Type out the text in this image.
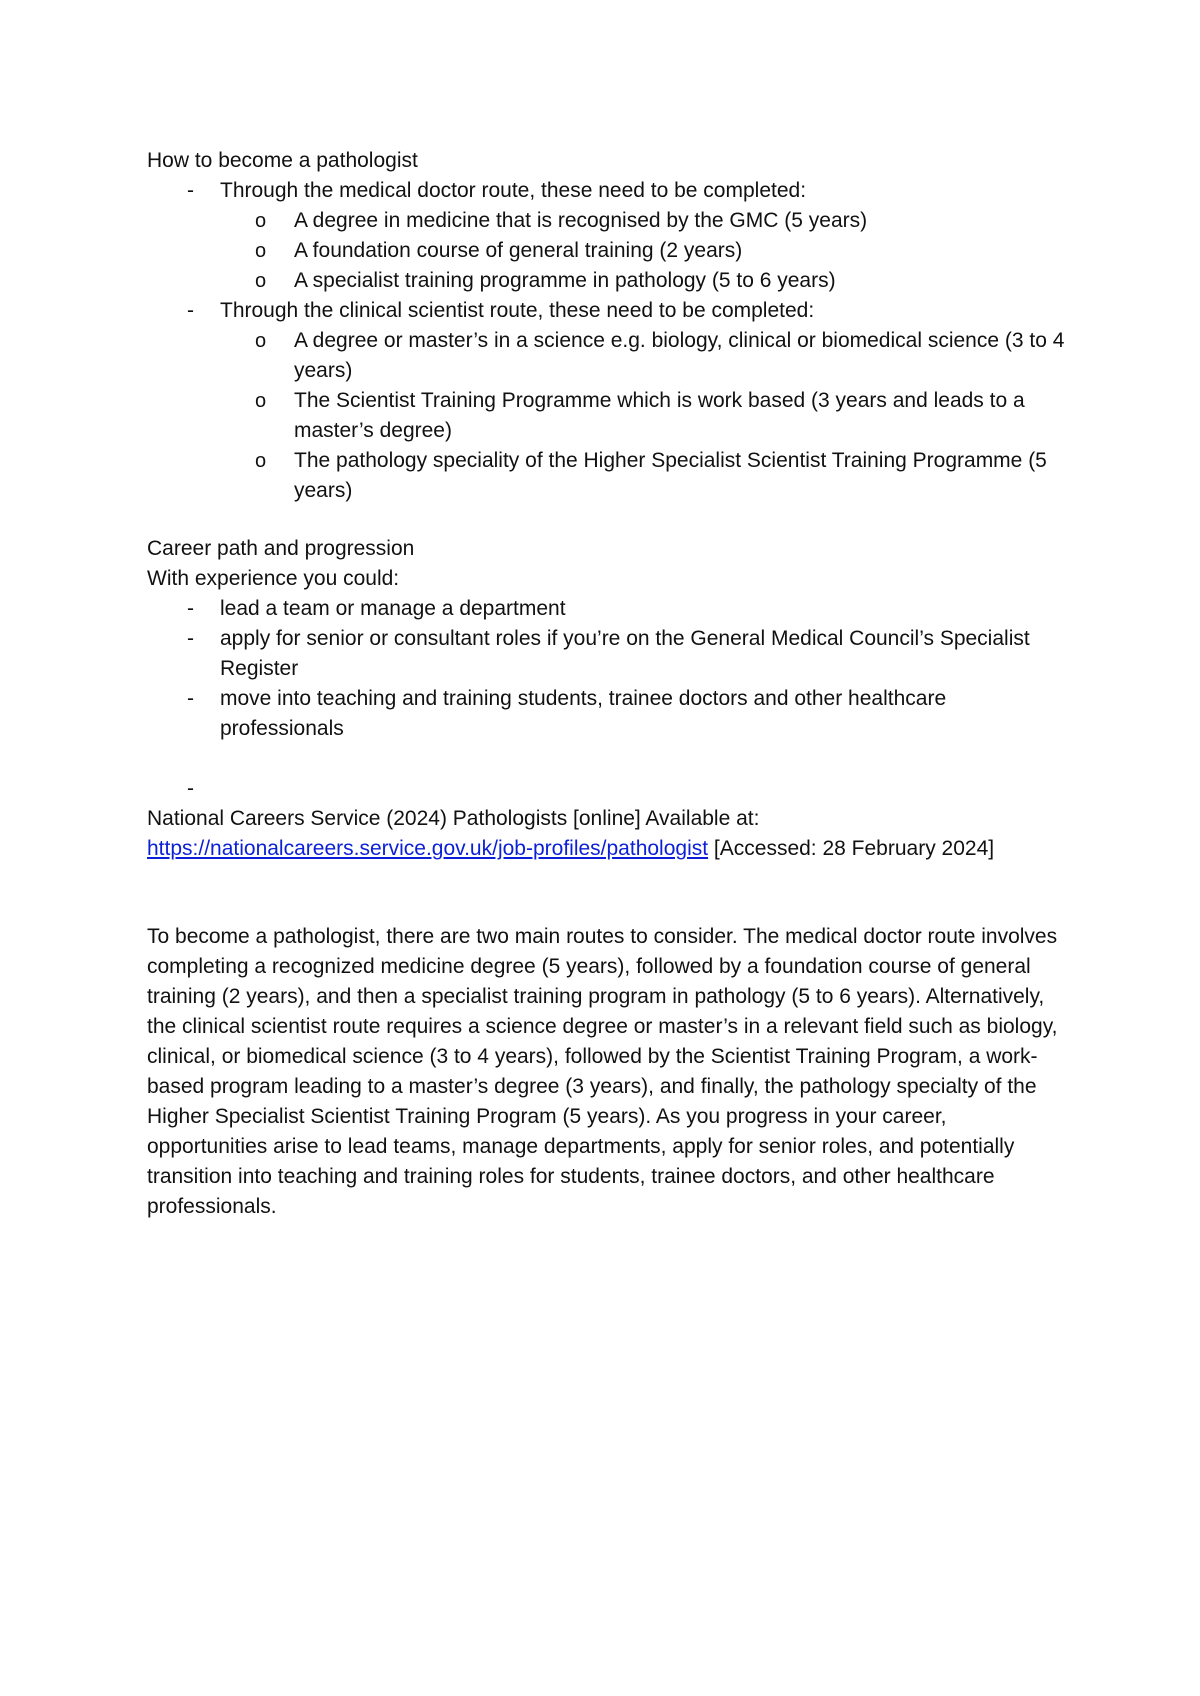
How to become a pathologist

- Through the medical doctor route, these need to be completed:
o A degree in medicine that is recognised by the GMC (5 years)
o A foundation course of general training (2 years)
o A specialist training programme in pathology (5 to 6 years)
- Through the clinical scientist route, these need to be completed:
o A degree or master’s in a science e.g. biology, clinical or biomedical science (3 to 4 years)
o The Scientist Training Programme which is work based (3 years and leads to a master’s degree)
o The pathology speciality of the Higher Specialist Scientist Training Programme (5 years)

Career path and progression

With experience you could:

- lead a team or manage a department
- apply for senior or consultant roles if you’re on the General Medical Council’s Specialist Register
- move into teaching and training students, trainee doctors and other healthcare professionals
-

National Careers Service (2024) Pathologists [online] Available at:
https://nationalcareers.service.gov.uk/job-profiles/pathologist [Accessed: 28 February 2024]

To become a pathologist, there are two main routes to consider. The medical doctor route involves completing a recognized medicine degree (5 years), followed by a foundation course of general training (2 years), and then a specialist training program in pathology (5 to 6 years). Alternatively, the clinical scientist route requires a science degree or master’s in a relevant field such as biology, clinical, or biomedical science (3 to 4 years), followed by the Scientist Training Program, a work-based program leading to a master’s degree (3 years), and finally, the pathology specialty of the Higher Specialist Scientist Training Program (5 years). As you progress in your career, opportunities arise to lead teams, manage departments, apply for senior roles, and potentially transition into teaching and training roles for students, trainee doctors, and other healthcare professionals.
